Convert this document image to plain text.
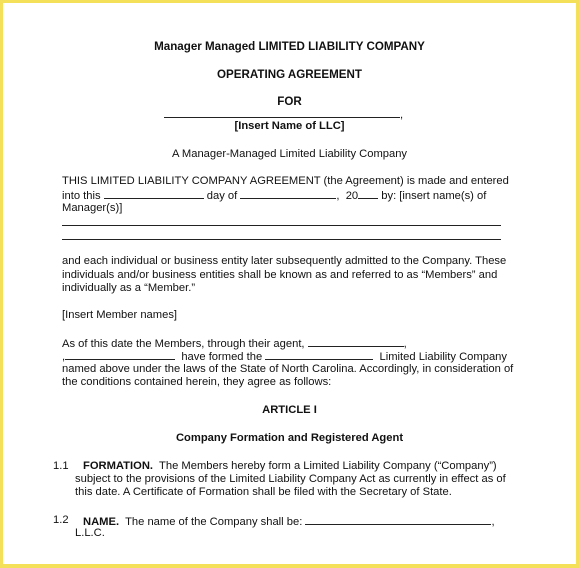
Manager Managed LIMITED LIABILITY COMPANY
OPERATING AGREEMENT
FOR
,
[Insert Name of LLC]
A Manager-Managed Limited Liability Company
THIS LIMITED LIABILITY COMPANY AGREEMENT (the Agreement) is made and entered
into this	day of	,  20 by: [insert name(s) of
Manager(s)]
and each individual or business entity later subsequently admitted to the Company. These
individuals and/or business entities shall be known as and referred to as “Members” and
individually as a “Member.”
[Insert Member names]
As of this date the Members, through their agent,	,
,	have formed the	Limited Liability Company
named above under the laws of the State of North Carolina. Accordingly, in consideration of
the conditions contained herein, they agree as follows:
ARTICLE I
Company Formation and Registered Agent
1.1 FORMATION. The Members hereby form a Limited Liability Company (“Company”)
subject to the provisions of the Limited Liability Company Act as currently in effect as of
this date. A Certificate of Formation shall be filed with the Secretary of State.
1.2 NAME. The name of the Company shall be:	,
L.L.C.
